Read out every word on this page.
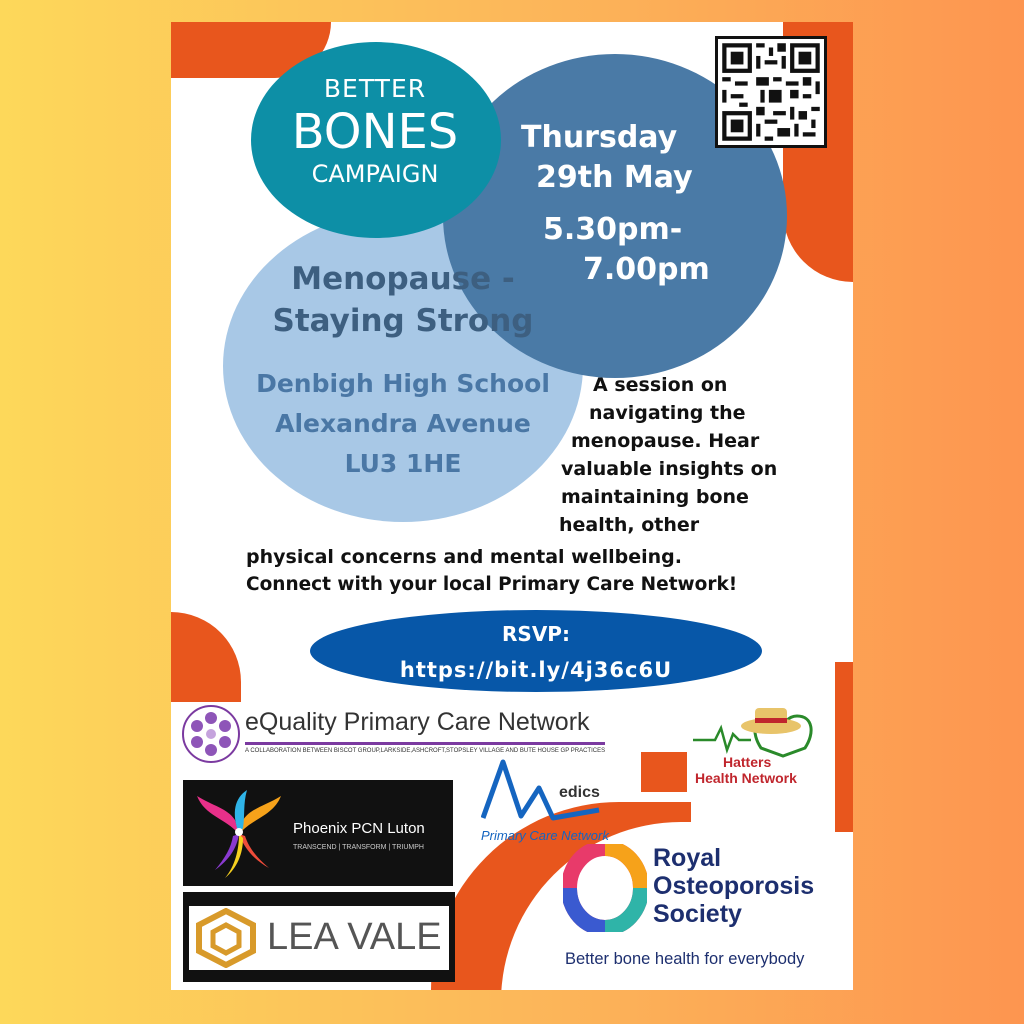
BETTER
BONES
CAMPAIGN
Thursday
29th May
5.30pm-
7.00pm
Menopause -
Staying Strong
Denbigh High School
Alexandra Avenue
LU3 1HE
A session on
navigating the
menopause. Hear
valuable insights on
maintaining bone
health, other
physical concerns and mental wellbeing.
Connect with your local Primary Care Network!
RSVP:
https://bit.ly/4j36c6U
eQuality Primary Care Network
A COLLABORATION BETWEEN BISCOT GROUP,LARKSIDE,ASHCROFT,STOPSLEY VILLAGE AND BUTE HOUSE GP PRACTICES
Hatters
Health Network
Phoenix PCN Luton
TRANSCEND | TRANSFORM | TRIUMPH
edics
Primary Care Network
Royal
Osteoporosis
Society
Better bone health for everybody
LEA VALE
